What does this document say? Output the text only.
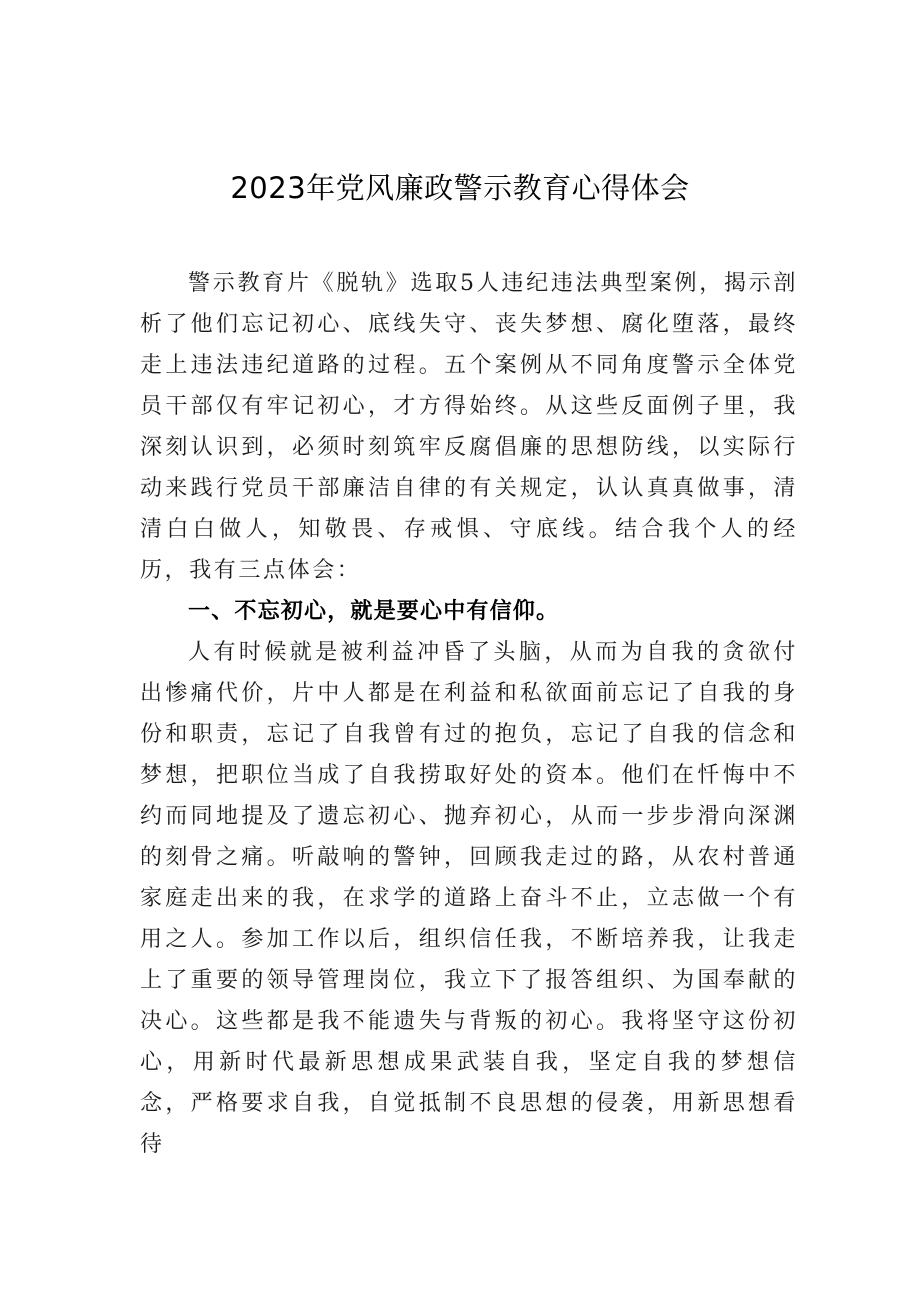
2023年党风廉政警示教育心得体会

警示教育片《脱轨》选取5人违纪违法典型案例，揭示剖析了他们忘记初心、底线失守、丧失梦想、腐化堕落，最终走上违法违纪道路的过程。五个案例从不同角度警示全体党员干部仅有牢记初心，才方得始终。从这些反面例子里，我深刻认识到，必须时刻筑牢反腐倡廉的思想防线，以实际行动来践行党员干部廉洁自律的有关规定，认认真真做事，清清白白做人，知敬畏、存戒惧、守底线。结合我个人的经历，我有三点体会：

一、不忘初心，就是要心中有信仰。

人有时候就是被利益冲昏了头脑，从而为自我的贪欲付出惨痛代价，片中人都是在利益和私欲面前忘记了自我的身份和职责，忘记了自我曾有过的抱负，忘记了自我的信念和梦想，把职位当成了自我捞取好处的资本。他们在忏悔中不约而同地提及了遗忘初心、抛弃初心，从而一步步滑向深渊的刻骨之痛。听敲响的警钟，回顾我走过的路，从农村普通家庭走出来的我，在求学的道路上奋斗不止，立志做一个有用之人。参加工作以后，组织信任我，不断培养我，让我走上了重要的领导管理岗位，我立下了报答组织、为国奉献的决心。这些都是我不能遗失与背叛的初心。我将坚守这份初心，用新时代最新思想成果武装自我，坚定自我的梦想信念，严格要求自我，自觉抵制不良思想的侵袭，用新思想看待
